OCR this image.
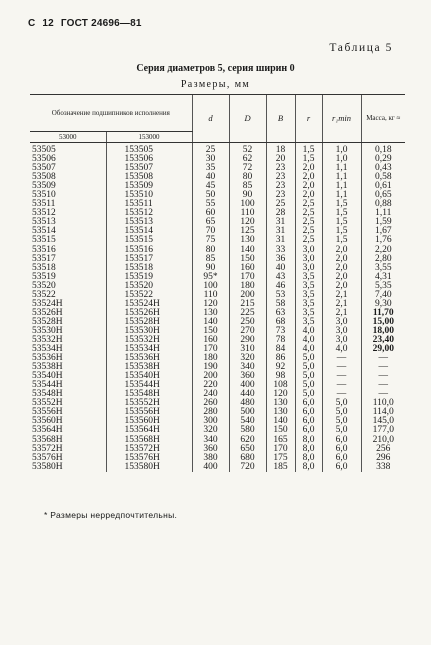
С 12 ГОСТ 24696—81
Таблица 5
Серия диаметров 5, серия ширин 0
Размеры, мм
Обозначение подшипников исполнения		d	D	B	r	r₁min	Масса, кг ≈
53000	153000						
53505	153505	25	52	18	1,5	1,0	0,18
53506	153506	30	62	20	1,5	1,0	0,29
53507	153507	35	72	23	2,0	1,1	0,43
53508	153508	40	80	23	2,0	1,1	0,58
53509	153509	45	85	23	2,0	1,1	0,61
53510	153510	50	90	23	2,0	1,1	0,65
53511	153511	55	100	25	2,5	1,5	0,88
53512	153512	60	110	28	2,5	1,5	1,11
53513	153513	65	120	31	2,5	1,5	1,59
53514	153514	70	125	31	2,5	1,5	1,67
53515	153515	75	130	31	2,5	1,5	1,76
53516	153516	80	140	33	3,0	2,0	2,20
53517	153517	85	150	36	3,0	2,0	2,80
53518	153518	90	160	40	3,0	2,0	3,55
53519	153519	95*	170	43	3,5	2,0	4,31
53520	153520	100	180	46	3,5	2,0	5,35
53522	153522	110	200	53	3,5	2,1	7,40
53524H	153524H	120	215	58	3,5	2,1	9,30
53526H	153526H	130	225	63	3,5	2,1	11,70
53528H	153528H	140	250	68	3,5	3,0	15,00
53530H	153530H	150	270	73	4,0	3,0	18,00
53532H	153532H	160	290	78	4,0	3,0	23,40
53534H	153534H	170	310	84	4,0	4,0	29,00
53536H	153536H	180	320	86	5,0	—	—
53538H	153538H	190	340	92	5,0	—	—
53540H	153540H	200	360	98	5,0	—	—
53544H	153544H	220	400	108	5,0	—	—
53548H	153548H	240	440	120	5,0	—	—
53552H	153552H	260	480	130	6,0	5,0	110,0
53556H	153556H	280	500	130	6,0	5,0	114,0
53560H	153560H	300	540	140	6,0	5,0	145,0
53564H	153564H	320	580	150	6,0	5,0	177,0
53568H	153568H	340	620	165	8,0	6,0	210,0
53572H	153572H	360	650	170	8,0	6,0	256
53576H	153576H	380	680	175	8,0	6,0	296
53580H	153580H	400	720	185	8,0	6,0	338
* Размеры нерредпочтительны.
